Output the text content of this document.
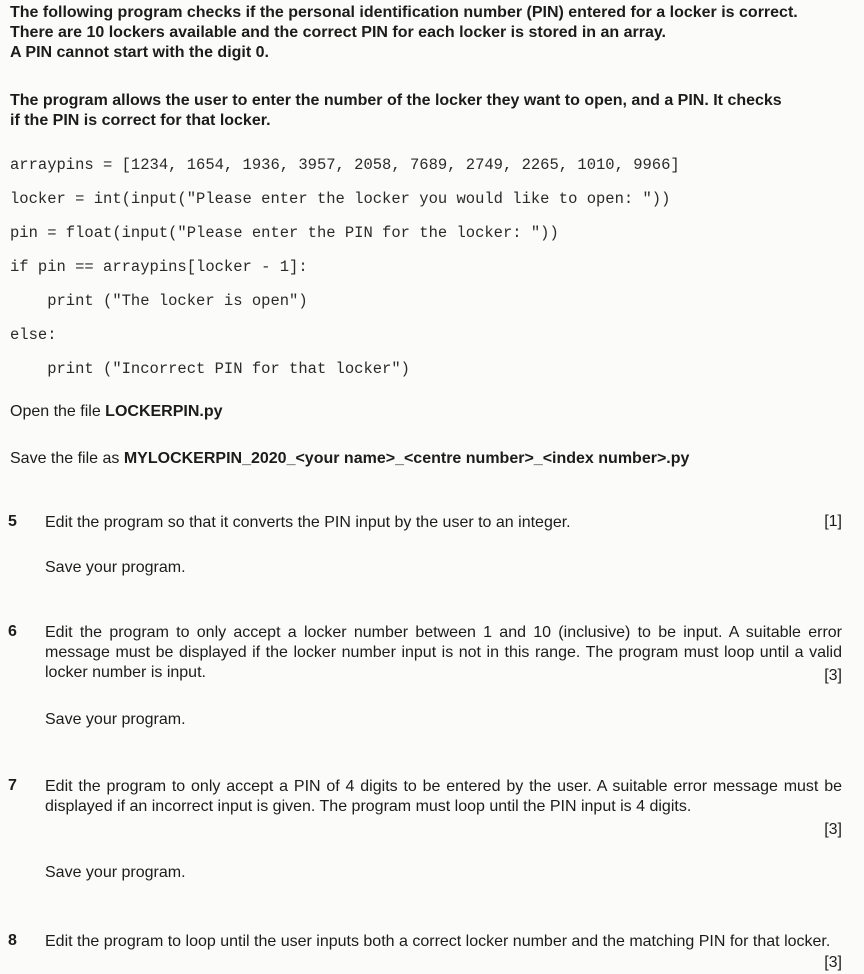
The following program checks if the personal identification number (PIN) entered for a locker is correct.

There are 10 lockers available and the correct PIN for each locker is stored in an array.

A PIN cannot start with the digit 0.

The program allows the user to enter the number of the locker they want to open, and a PIN. It checks

if the PIN is correct for that locker.

arraypins = [1234, 1654, 1936, 3957, 2058, 7689, 2749, 2265, 1010, 9966]
locker = int(input("Please enter the locker you would like to open: "))
pin = float(input("Please enter the PIN for the locker: "))
if pin == arraypins[locker - 1]:
print ("The locker is open")
else:
print ("Incorrect PIN for that locker")
Open the file LOCKERPIN.py
Save the file as MYLOCKERPIN_2020_<your name>_<centre number>_<index number>.py
5 Edit the program so that it converts the PIN input by the user to an integer.	[1]
Save your program.
6 Edit the program to only accept a locker number between 1 and 10 (inclusive) to be input. A suitable error message must be displayed if the locker number input is not in this range. The program must loop until a valid locker number is input.	[3]
Save your program.
7 Edit the program to only accept a PIN of 4 digits to be entered by the user. A suitable error message must be displayed if an incorrect input is given. The program must loop until the PIN input is 4 digits.
[3]
Save your program.
8 Edit the program to loop until the user inputs both a correct locker number and the matching PIN for that locker.
[3]
